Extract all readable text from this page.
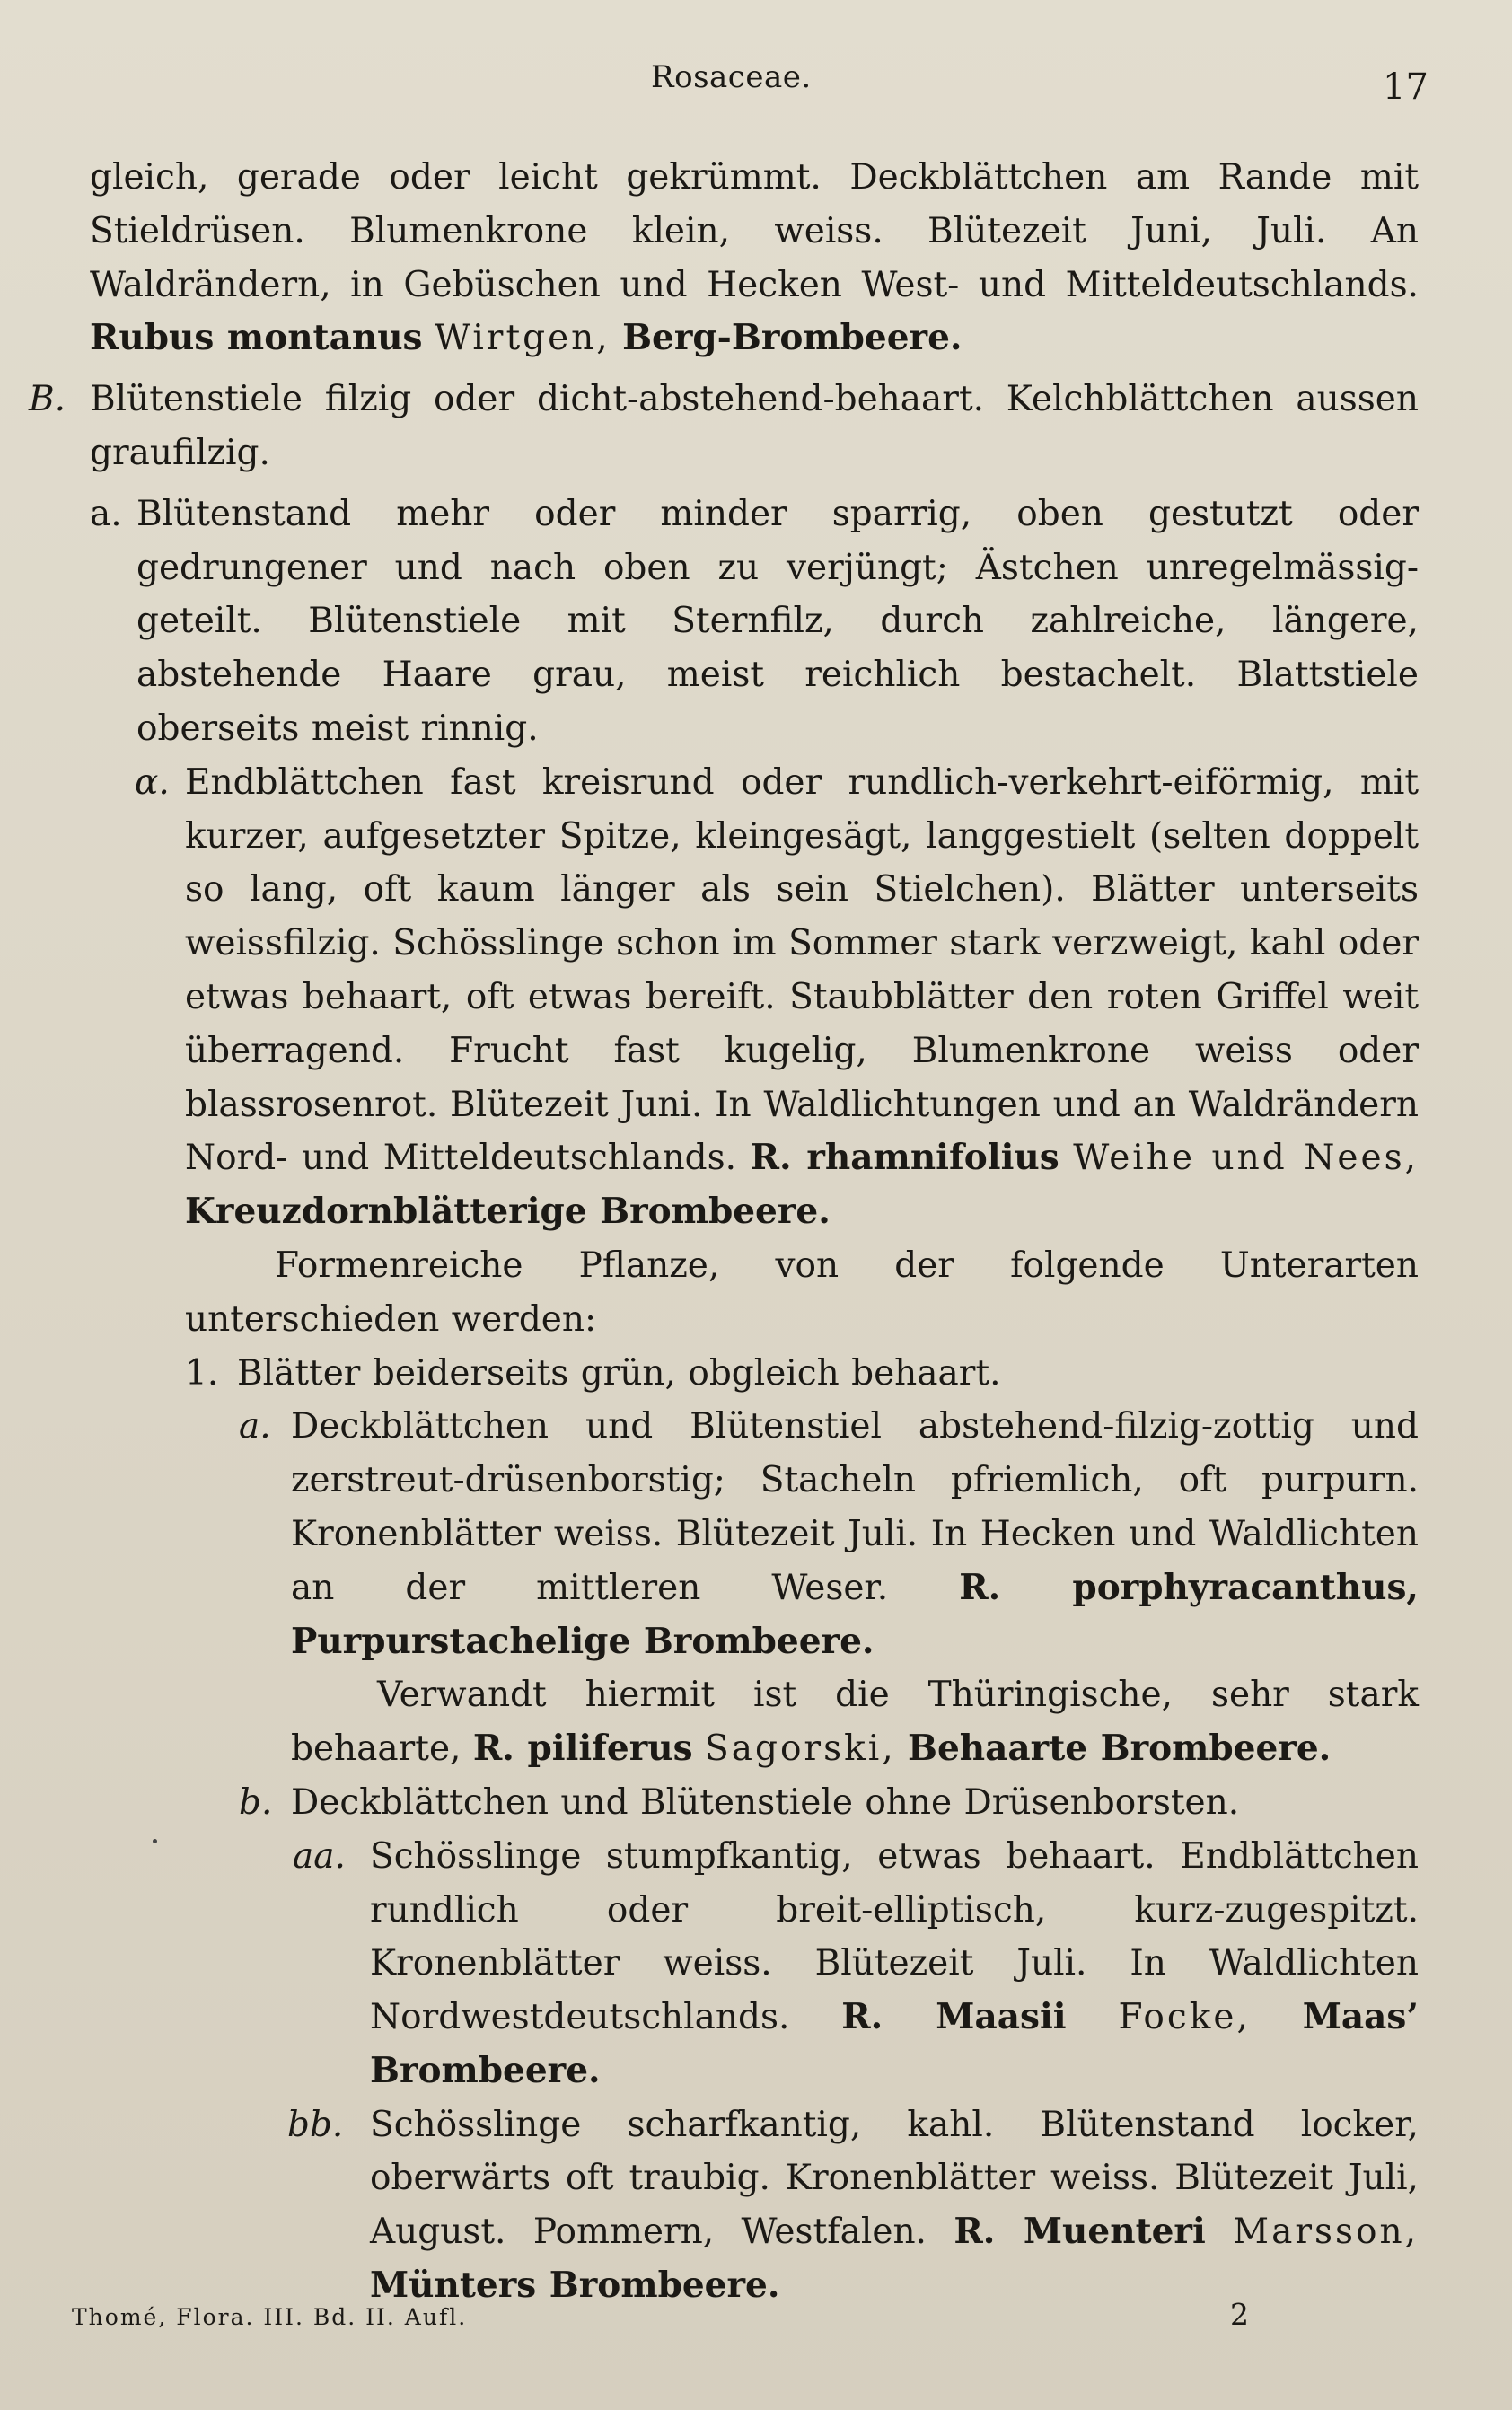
Rosaceae.	17
gleich, gerade oder leicht gekrümmt. Deckblättchen am Rande mit Stieldrüsen. Blumenkrone klein, weiss. Blütezeit Juni, Juli. An Waldrändern, in Gebüschen und Hecken West- und Mitteldeutschlands. Rubus montanus Wirtgen, Berg-Brombeere.
B. Blütenstiele filzig oder dicht-abstehend-behaart. Kelchblättchen aussen graufilzig.
a. Blütenstand mehr oder minder sparrig, oben gestutzt oder gedrungener und nach oben zu verjüngt; Ästchen unregelmässig-geteilt. Blütenstiele mit Sternfilz, durch zahlreiche, längere, abstehende Haare grau, meist reichlich bestachelt. Blattstiele oberseits meist rinnig.
α. Endblättchen fast kreisrund oder rundlich-verkehrt-eiförmig, mit kurzer, aufgesetzter Spitze, kleingesägt, langgestielt (selten doppelt so lang, oft kaum länger als sein Stielchen). Blätter unterseits weissfilzig. Schösslinge schon im Sommer stark verzweigt, kahl oder etwas behaart, oft etwas bereift. Staubblätter den roten Griffel weit überragend. Frucht fast kugelig, Blumenkrone weiss oder blassrosenrot. Blütezeit Juni. In Waldlichtungen und an Waldrändern Nord- und Mitteldeutschlands. R. rhamnifolius Weihe und Nees, Kreuzdornblätterige Brombeere.
Formenreiche Pflanze, von der folgende Unterarten unterschieden werden:
1. Blätter beiderseits grün, obgleich behaart.
a. Deckblättchen und Blütenstiel abstehend-filzig-zottig und zerstreut-drüsenborstig; Stacheln pfriemlich, oft purpurn. Kronenblätter weiss. Blütezeit Juli. In Hecken und Waldlichten an der mittleren Weser. R. porphyracanthus, Purpurstachelige Brombeere.
Verwandt hiermit ist die Thüringische, sehr stark behaarte, R. piliferus Sagorski, Behaarte Brombeere.
b. Deckblättchen und Blütenstiele ohne Drüsenborsten.
aa. Schösslinge stumpfkantig, etwas behaart. Endblättchen rundlich oder breit-elliptisch, kurz-zugespitzt. Kronenblätter weiss. Blütezeit Juli. In Waldlichten Nordwestdeutschlands. R. Maasii Focke, Maas’ Brombeere.
bb. Schösslinge scharfkantig, kahl. Blütenstand locker, oberwärts oft traubig. Kronenblätter weiss. Blütezeit Juli, August. Pommern, Westfalen. R. Muenteri Marsson, Münters Brombeere.
Thomé, Flora. III. Bd. II. Aufl.	2
